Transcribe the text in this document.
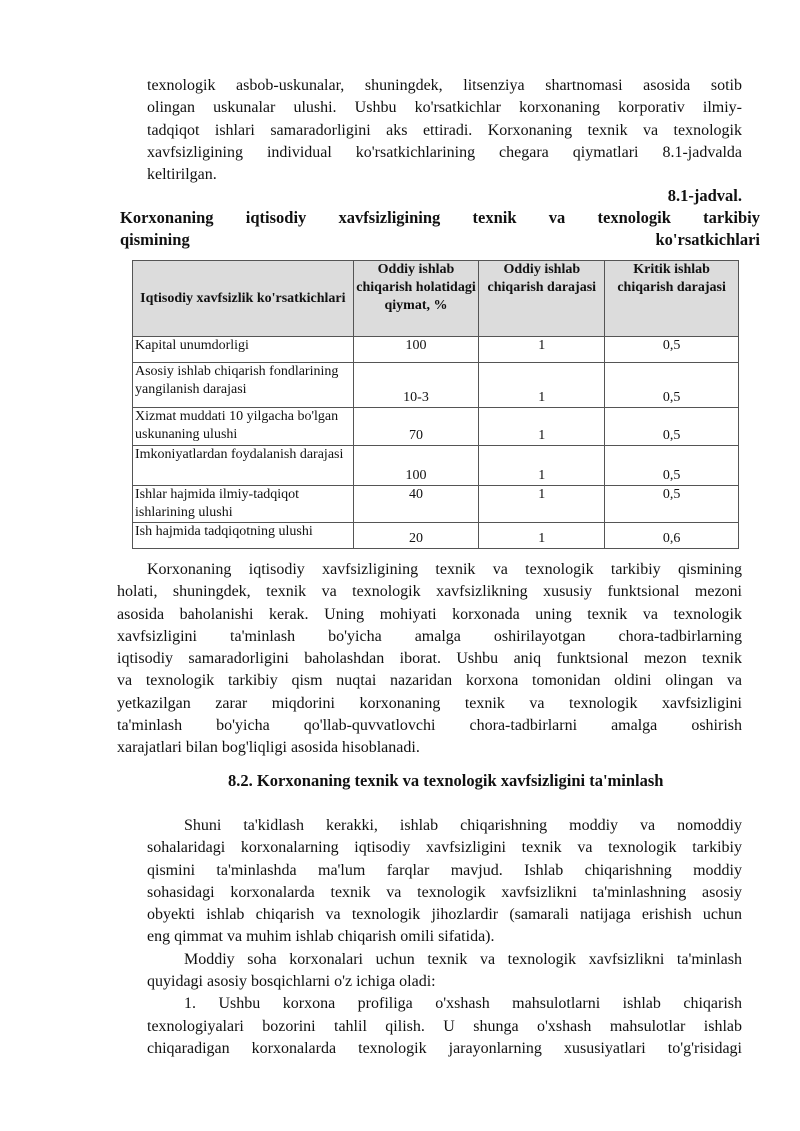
texnologik asbob-uskunalar, shuningdek, litsenziya shartnomasi asosida sotib
olingan uskunalar ulushi. Ushbu ko'rsatkichlar korxonaning korporativ ilmiy-
tadqiqot ishlari samaradorligini aks ettiradi. Korxonaning texnik va texnologik
xavfsizligining individual ko'rsatkichlarining chegara qiymatlari 8.1-jadvalda
keltirilgan.
8.1-jadval.
Korxonaning iqtisodiy xavfsizligining texnik va texnologik tarkibiy
qismining ko'rsatkichlari
Iqtisodiy xavfsizlik ko'rsatkichlari	Oddiy ishlab chiqarish holatidagi qiymat, %	Oddiy ishlab chiqarish darajasi	Kritik ishlab chiqarish darajasi
Kapital unumdorligi	100	1	0,5
Asosiy ishlab chiqarish fondlarining yangilanish darajasi	10-3	1	0,5
Xizmat muddati 10 yilgacha bo'lgan uskunaning ulushi	70	1	0,5
Imkoniyatlardan foydalanish darajasi	100	1	0,5
Ishlar hajmida ilmiy-tadqiqot ishlarining ulushi	40	1	0,5
Ish hajmida tadqiqotning ulushi	20	1	0,6
Korxonaning iqtisodiy xavfsizligining texnik va texnologik tarkibiy qismining
holati, shuningdek, texnik va texnologik xavfsizlikning xususiy funktsional mezoni
asosida baholanishi kerak. Uning mohiyati korxonada uning texnik va texnologik
xavfsizligini ta'minlash bo'yicha amalga oshirilayotgan chora-tadbirlarning
iqtisodiy samaradorligini baholashdan iborat. Ushbu aniq funktsional mezon texnik
va texnologik tarkibiy qism nuqtai nazaridan korxona tomonidan oldini olingan va
yetkazilgan zarar miqdorini korxonaning texnik va texnologik xavfsizligini
ta'minlash bo'yicha qo'llab-quvvatlovchi chora-tadbirlarni amalga oshirish
xarajatlari bilan bog'liqligi asosida hisoblanadi.
8.2. Korxonaning texnik va texnologik xavfsizligini ta'minlash
Shuni ta'kidlash kerakki, ishlab chiqarishning moddiy va nomoddiy
sohalaridagi korxonalarning iqtisodiy xavfsizligini texnik va texnologik tarkibiy
qismini ta'minlashda ma'lum farqlar mavjud. Ishlab chiqarishning moddiy
sohasidagi korxonalarda texnik va texnologik xavfsizlikni ta'minlashning asosiy
obyekti ishlab chiqarish va texnologik jihozlardir (samarali natijaga erishish uchun
eng qimmat va muhim ishlab chiqarish omili sifatida).
Moddiy soha korxonalari uchun texnik va texnologik xavfsizlikni ta'minlash
quyidagi asosiy bosqichlarni o'z ichiga oladi:
1. Ushbu korxona profiliga o'xshash mahsulotlarni ishlab chiqarish
texnologiyalari bozorini tahlil qilish. U shunga o'xshash mahsulotlar ishlab
chiqaradigan korxonalarda texnologik jarayonlarning xususiyatlari to'g'risidagi
